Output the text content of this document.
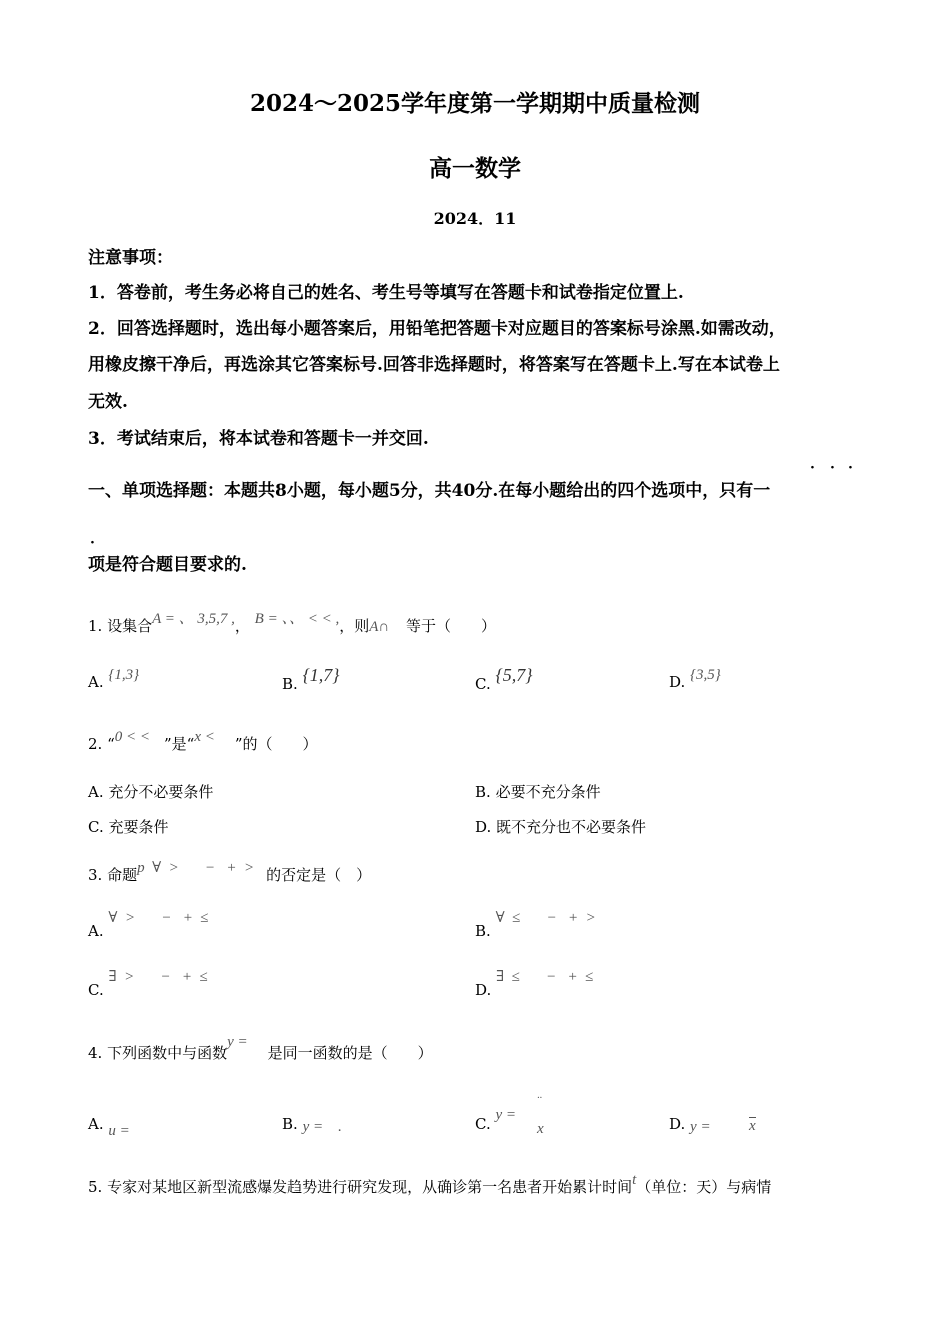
2024～2025学年度第一学期期中质量检测
高一数学
2024．11
注意事项：
1．答卷前，考生务必将自己的姓名、考生号等填写在答题卡和试卷指定位置上.
2．回答选择题时，选出每小题答案后，用铅笔把答题卡对应题目的答案标号涂黑.如需改动，
用橡皮擦干净后，再选涂其它答案标号.回答非选择题时，将答案写在答题卡上.写在本试卷上
无效.
3．考试结束后，将本试卷和答题卡一并交回.
一、单项选择题：本题共8小题，每小题5分，共40分.在每小题给出的四个选项中，只有一
· · ·
·
项是符合题目要求的.
1. 设集合A = 、 3,5,7 ,， B = 、、 < < ,，则A∩ 等于（　　）
A. {1,3}	B. {1,7}	C. {5,7}	D. {3,5}
2. “0 < < ”是“x < ”的（　　）
A. 充分不必要条件	B. 必要不充分条件
C. 充要条件	D. 既不充分也不必要条件
3. 命题p  ∀  >       −   +  > 的否定是（　）
A. ∀  >       −   +  ≤
B. ∀  ≤       −   +  >
C. ∃  >       −   +  ≤
D. ∃  ≤       −   +  ≤
4. 下列函数中与函数y =是同一函数的是（　　）
A. u =	B. y =    .	C. y =
x
··
D. y =	x
5. 专家对某地区新型流感爆发趋势进行研究发现，从确诊第一名患者开始累计时间t（单位：天）与病情
